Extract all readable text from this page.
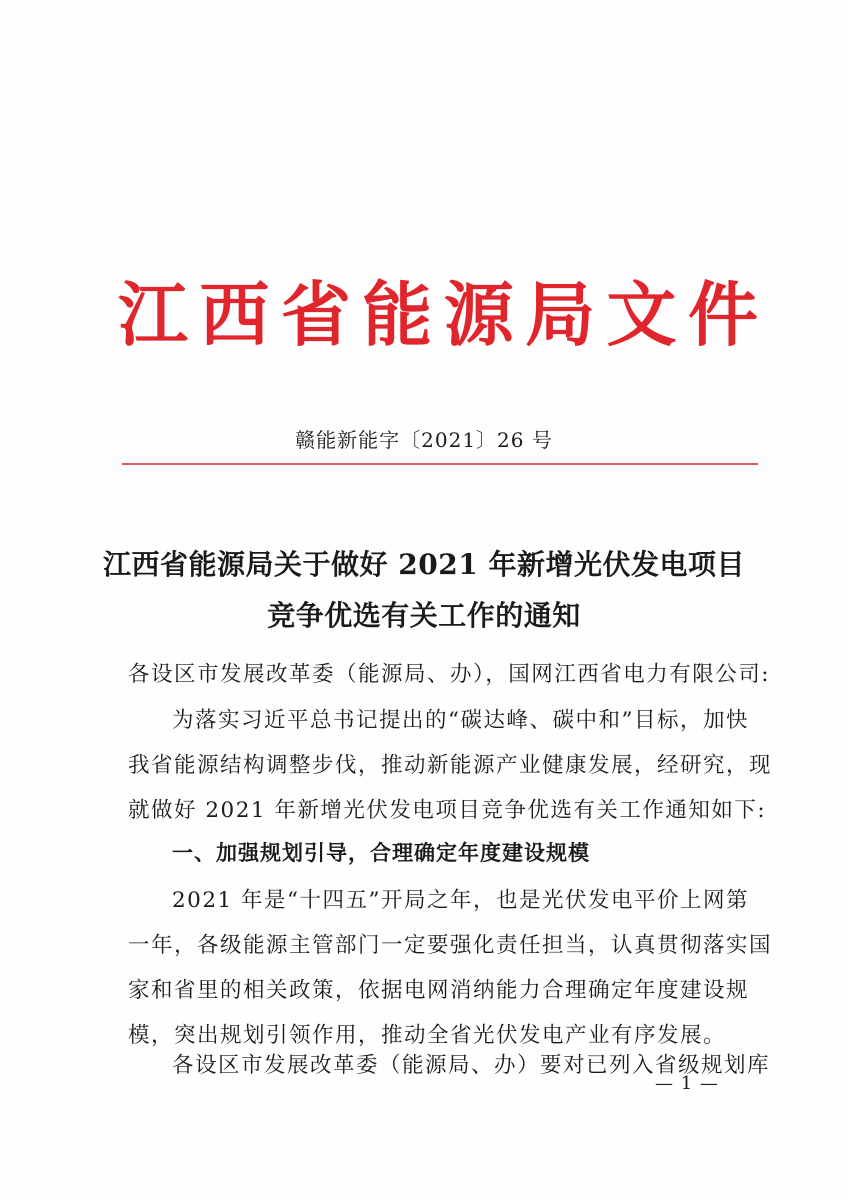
江 西 省 能 源 局 文 件
赣能新能字〔2021〕26 号
江西省能源局关于做好 2021 年新增光伏发电项目
竞争优选有关工作的通知
各设区市发展改革委（能源局、办），国网江西省电力有限公司:
为落实习近平总书记提出的“碳达峰、碳中和”目标，加快
我省能源结构调整步伐，推动新能源产业健康发展，经研究，现
就做好 2021 年新增光伏发电项目竞争优选有关工作通知如下:
一、加强规划引导，合理确定年度建设规模
2021 年是“十四五”开局之年，也是光伏发电平价上网第
一年，各级能源主管部门一定要强化责任担当，认真贯彻落实国
家和省里的相关政策，依据电网消纳能力合理确定年度建设规
模，突出规划引领作用，推动全省光伏发电产业有序发展。
各设区市发展改革委（能源局、办）要对已列入省级规划库
— 1 —
